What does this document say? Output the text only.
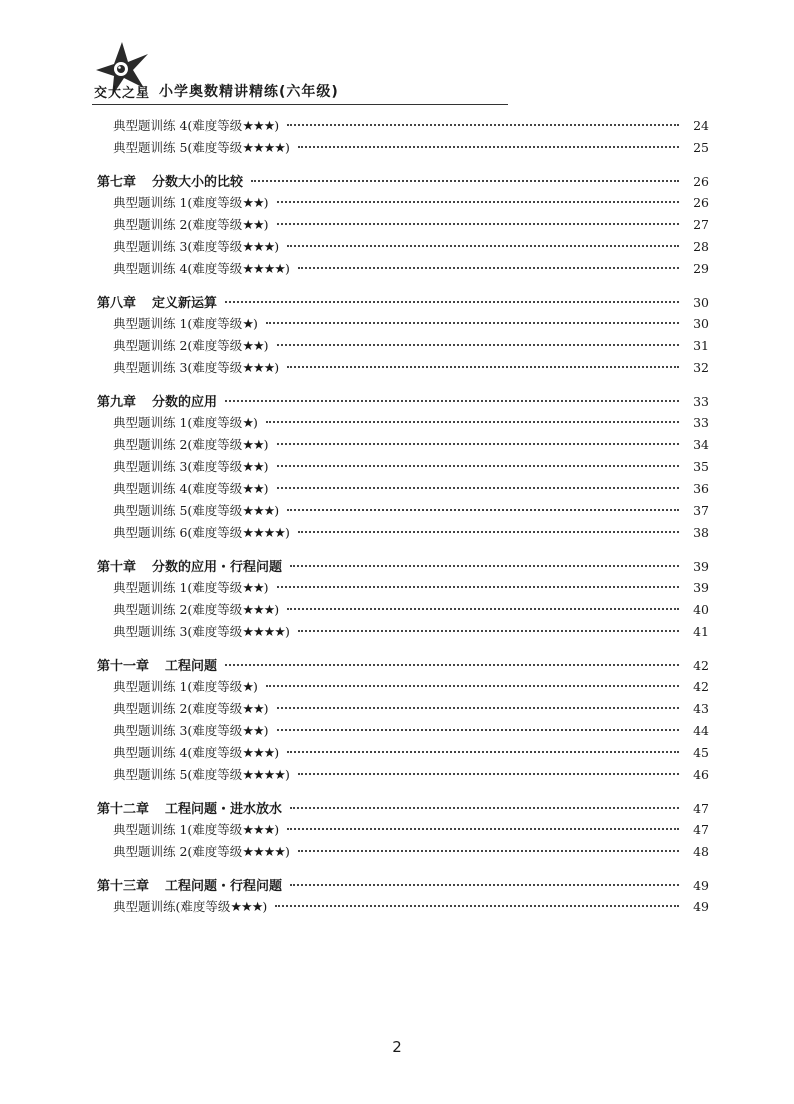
交大之星 小学奥数精讲精练(六年级)
典型题训练 4(难度等级★★★)	24
典型题训练 5(难度等级★★★★)	25
第七章 分数大小的比较	26
典型题训练 1(难度等级★★)	26
典型题训练 2(难度等级★★)	27
典型题训练 3(难度等级★★★)	28
典型题训练 4(难度等级★★★★)	29
第八章 定义新运算	30
典型题训练 1(难度等级★)	30
典型题训练 2(难度等级★★)	31
典型题训练 3(难度等级★★★)	32
第九章 分数的应用	33
典型题训练 1(难度等级★)	33
典型题训练 2(难度等级★★)	34
典型题训练 3(难度等级★★)	35
典型题训练 4(难度等级★★)	36
典型题训练 5(难度等级★★★)	37
典型题训练 6(难度等级★★★★)	38
第十章 分数的应用・行程问题	39
典型题训练 1(难度等级★★)	39
典型题训练 2(难度等级★★★)	40
典型题训练 3(难度等级★★★★)	41
第十一章 工程问题	42
典型题训练 1(难度等级★)	42
典型题训练 2(难度等级★★)	43
典型题训练 3(难度等级★★)	44
典型题训练 4(难度等级★★★)	45
典型题训练 5(难度等级★★★★)	46
第十二章 工程问题・进水放水	47
典型题训练 1(难度等级★★★)	47
典型题训练 2(难度等级★★★★)	48
第十三章 工程问题・行程问题	49
典型题训练(难度等级★★★)	49
2
